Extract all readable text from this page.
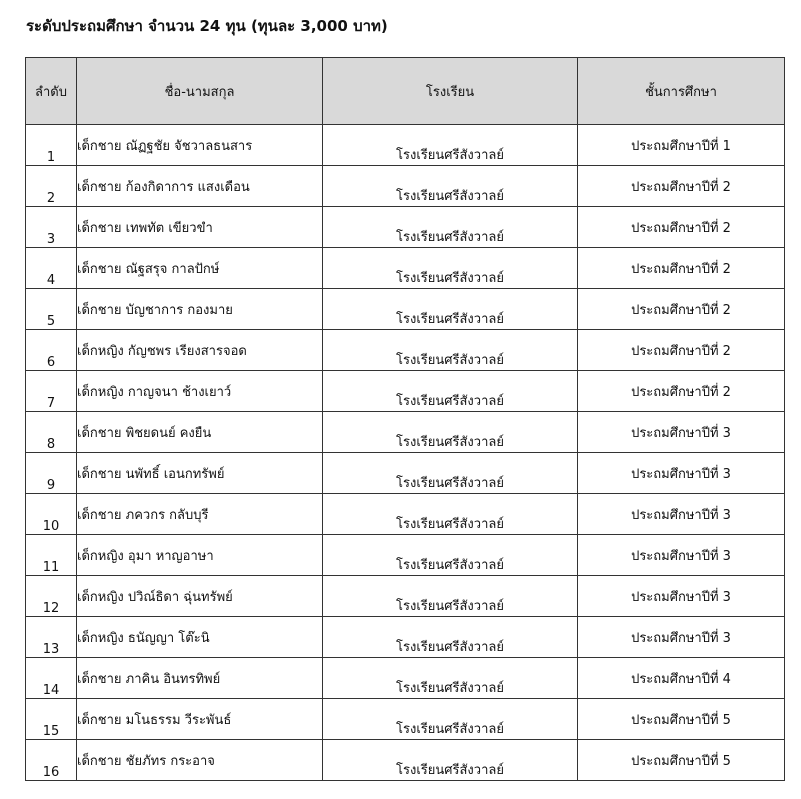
ระดับประถมศึกษา จำนวน 24 ทุน (ทุนละ 3,000 บาท)
ลำดับ	ชื่อ-นามสกุล	โรงเรียน	ชั้นการศึกษา
1	เด็กชาย ณัฏฐชัย จัชวาลธนสาร	โรงเรียนศรีสังวาลย์	ประถมศึกษาปีที่ 1
2	เด็กชาย ก้องกิดาการ แสงเดือน	โรงเรียนศรีสังวาลย์	ประถมศึกษาปีที่ 2
3	เด็กชาย เทพทัต เขียวขำ	โรงเรียนศรีสังวาลย์	ประถมศึกษาปีที่ 2
4	เด็กชาย ณัฐสรุจ กาลปักษ์	โรงเรียนศรีสังวาลย์	ประถมศึกษาปีที่ 2
5	เด็กชาย บัญชาการ กองมาย	โรงเรียนศรีสังวาลย์	ประถมศึกษาปีที่ 2
6	เด็กหญิง กัญชพร เรียงสารจอด	โรงเรียนศรีสังวาลย์	ประถมศึกษาปีที่ 2
7	เด็กหญิง กาญจนา ช้างเยาว์	โรงเรียนศรีสังวาลย์	ประถมศึกษาปีที่ 2
8	เด็กชาย พิชยดนย์ คงยืน	โรงเรียนศรีสังวาลย์	ประถมศึกษาปีที่ 3
9	เด็กชาย นพัทธิ์ เอนกทรัพย์	โรงเรียนศรีสังวาลย์	ประถมศึกษาปีที่ 3
10	เด็กชาย ภควกร กลับบุรี	โรงเรียนศรีสังวาลย์	ประถมศึกษาปีที่ 3
11	เด็กหญิง อุมา หาญอาษา	โรงเรียนศรีสังวาลย์	ประถมศึกษาปีที่ 3
12	เด็กหญิง ปวิณ์ธิดา ฉุ่นทรัพย์	โรงเรียนศรีสังวาลย์	ประถมศึกษาปีที่ 3
13	เด็กหญิง ธนัญญา โต๊ะนิ	โรงเรียนศรีสังวาลย์	ประถมศึกษาปีที่ 3
14	เด็กชาย ภาคิน อินทรทิพย์	โรงเรียนศรีสังวาลย์	ประถมศึกษาปีที่ 4
15	เด็กชาย มโนธรรม วีระพันธ์	โรงเรียนศรีสังวาลย์	ประถมศึกษาปีที่ 5
16	เด็กชาย ชัยภัทร กระอาจ	โรงเรียนศรีสังวาลย์	ประถมศึกษาปีที่ 5
